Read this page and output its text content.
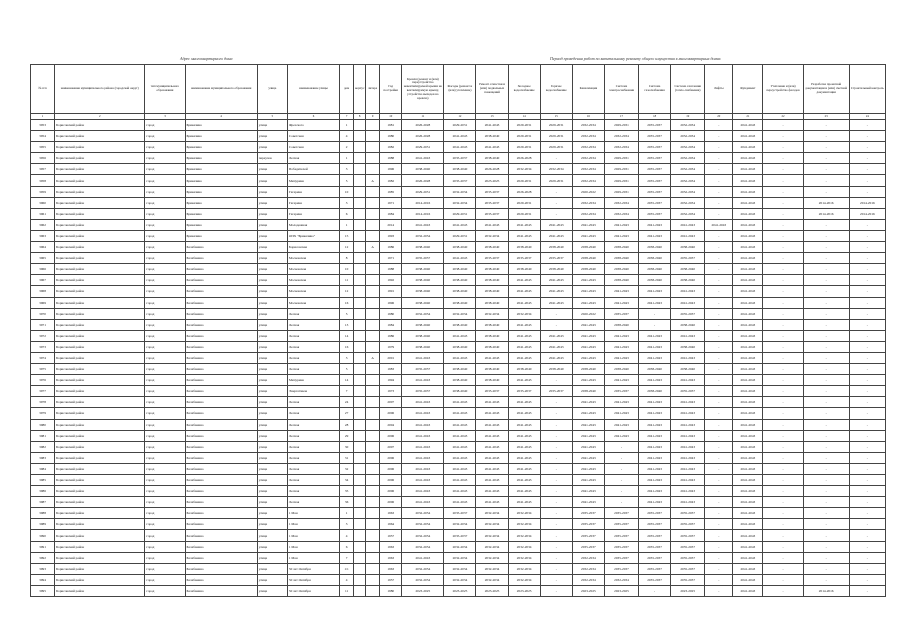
Адрес многоквартирного дома	Период проведения работ по капитальному ремонту общего имущества в многоквартирных домах
№ п/п	наименование муниципального района (городской округ)	тип муниципального образования	наименование муниципального образования	улица	наименование улицы	дом	корпус	литера	Год постройки	Кровля (ремонт и (или) переустройство невентилируемой крыши на вентилируемую крышу, устройство выходов на кровлю)	Фасады (ремонт и (или) утепление)	Ремонт отмостки и (или) подвальных помещений	Холодное водоснабжение	Горячее водоснабжение	Канализация	Система электроснабжения	Система газоснабжения	Система отопления (тепло-снабжения)	Лифты	Фундамент	Утепление и (или) переустройство фасадов	Разработка проектной документации и (или) сметной документации	Строительный контроль
1	2	3	4	5	6	7	8	9	10	11	12	13	14	15	16	17	18	19	20	21	22	23	24
3953	Борисовский район	город	Брикачино	улица	Фрезского	1			1981	2026-2028	2029-2031	2041-2043	2029-2031	2029-2031	2032-2034	2029-2031	2035-2037	2032-2034	-	2041-2043	-	-	-
3954	Борисовский район	город	Брикачино	улица	Советская	4			1980	2026-2028	2041-2043	2038-2040	2029-2031	2029-2031	2032-2034	2032-2034	2035-2037	2032-2034	-	2041-2043	-	-	-
3955	Борисовский район	город	Брикачино	улица	Советская	2			1982	2029-2031	2041-2043	2041-2043	2029-2031	2029-2031	2032-2034	2032-2034	2035-2037	2032-2034	-	2041-2043	-	-	-
3956	Борисовский район	город	Брикачино	переулок	Лесная	1			1988	2041-2043	2035-2037	2038-2040	2026-2028	-	2032-2034	2029-2031	2035-2037	2032-2034	-	2041-2043	-	-	-
3957	Борисовский район	город	Брикачино	улица	Победителей	3			1996	2038-2040	2038-2040	2026-2028	2032-2034	2032-2034	2032-2034	2029-2031	2035-2037	2032-2034	-	2041-2043	-	-	-
3958	Борисовский район	город	Брикачино	улица	Мичурина	5		А	1982	2026-2028	2035-2037	2023-2025	2029-2031	2029-2031	2032-2034	2029-2031	2035-2037	2032-2034	-	2041-2043	-	-	-
3959	Борисовский район	город	Брикачино	улица	Гагарина	10			1985	2029-2031	2032-2034	2035-2037	2026-2028	-	2020-2022	2029-2031	2035-2037	2032-2034	-	2041-2043	-	-	-
3960	Борисовский район	город	Брикачино	улица	Гагарина	3			1971	2014-2016	2032-2034	2035-2037	2029-2031	-	2032-2034	2032-2034	2035-2037	2032-2034	-	2041-2043	-	2014-2016	2014-2016
3961	Борисовский район	город	Брикачино	улица	Гагарина	6			1984	2014-2016	2029-2031	2035-2037	2029-2031	-	2032-2034	2032-2034	2035-2037	2032-2034	-	2041-2043	-	2014-2016	2014-2016
3962	Борисовский район	город	Брикачино	улица	Молодежная	1			2014	2041-2043	2041-2043	2041-2043	2041-2043	2041-2043	2041-2043	2041-2043	2041-2043	2041-2043	2041-2043	2041-2043	-	-	-
3963	Борисовский район	город	Брикачино	улица	ОПХ "Брикачино"	15			1993	2032-2034	2029-2031	2032-2034	2041-2043	2041-2043	2041-2043	2041-2043	2041-2043	2041-2043	-	2041-2043	-	-	-
3964	Борисовский район	город	Балабанино	улица	Борисовская	12		А	1986	2038-2040	2038-2040	2038-2040	2038-2040	2038-2040	2038-2040	2038-2040	2038-2040	2038-2040	-	2041-2043	-	-	-
3965	Борисовский район	город	Балабанино	улица	Московская	8			1971	2035-2037	2041-2043	2035-2037	2035-2037	2035-2037	2038-2040	2038-2040	2038-2040	2035-2037	-	2041-2043	-	-	-
3966	Борисовский район	город	Балабанино	улица	Московская	10			1988	2038-2040	2038-2040	2038-2040	2038-2040	2038-2040	2038-2040	2038-2040	2038-2040	2038-2040	-	2041-2043	-	-	-
3967	Борисовский район	город	Балабанино	улица	Московская	11			1992	2038-2040	2038-2040	2038-2040	2041-2043	2041-2043	2041-2043	2038-2040	2038-2040	2038-2040	-	2041-2043	-	-	-
3968	Борисовский район	город	Балабанино	улица	Московская	12			1991	2038-2040	2038-2040	2038-2040	2041-2043	2041-2043	2041-2043	2041-2043	2041-2043	2041-2043	-	2041-2043	-	-	-
3969	Борисовский район	город	Балабанино	улица	Московская	16			1996	2038-2040	2038-2040	2038-2040	2041-2043	2041-2043	2041-2043	2041-2043	2041-2043	2041-2043	-	2041-2043	-	-	-
3970	Борисовский район	город	Балабанино	улица	Лесная	5			1980	2032-2034	2032-2034	2032-2034	2032-2034	-	2020-2022	2035-2037	-	2035-2037	-	2041-2043	-	-	-
3971	Борисовский район	город	Балабанино	улица	Лесная	13			1984	2038-2040	2038-2040	2038-2040	2041-2043	-	2041-2043	2038-2040	-	2038-2040	-	2041-2043	-	-	-
3972	Борисовский район	город	Балабанино	улица	Лесная	14			1986	2038-2040	2041-2043	2038-2040	2041-2043	2041-2043	2041-2043	2041-2043	2041-2043	2041-2043	-	2041-2043	-	-	-
3973	Борисовский район	город	Балабанино	улица	Лесная	16			1979	2038-2040	2038-2040	2038-2040	2041-2043	2041-2043	2041-2043	2041-2043	2041-2043	2038-2040	-	2041-2043	-	-	-
3974	Борисовский район	город	Балабанино	улица	Лесная	3		А	2001	2041-2043	2041-2043	2041-2043	2041-2043	2041-2043	2041-2043	2041-2043	2041-2043	2041-2043	-	2041-2043	-	-	-
3975	Борисовский район	город	Балабанино	улица	Лесная	5			1983	2035-2037	2038-2040	2038-2040	2038-2040	2038-2040	2038-2040	2038-2040	2038-2040	2038-2040	-	2041-2043	-	-	-
3976	Борисовский район	город	Балабанино	улица	Мичурина	14			1994	2041-2043	2038-2040	2038-2040	2041-2043	-	2041-2043	2041-2043	2041-2043	2041-2043	-	2041-2043	-	-	-
3977	Борисовский район	город	Балабанино	улица	Энергетиков	7			1973	2035-2037	2038-2040	2035-2037	2035-2037	2035-2037	2038-2040	2035-2037	2038-2040	2035-2037	-	2041-2043	-	-	-
3978	Борисовский район	город	Балабанино	улица	Лесная	24			2007	2041-2043	2041-2043	2041-2043	2041-2043	-	2041-2043	2041-2043	2041-2043	2041-2043	-	2041-2043	-	-	-
3979	Борисовский район	город	Балабанино	улица	Лесная	27			2006	2041-2043	2041-2043	2041-2043	2041-2043	-	2041-2043	2041-2043	2041-2043	2041-2043	-	2041-2043	-	-	-
3980	Борисовский район	город	Балабанино	улица	Лесная	28			2004	2041-2043	2041-2043	2041-2043	2041-2043	-	2041-2043	2041-2043	2041-2043	2041-2043	-	2041-2043	-	-	-
3981	Борисовский район	город	Балабанино	улица	Лесная	29			2006	2041-2043	2041-2043	2041-2043	2041-2043	-	2041-2043	2041-2043	2041-2043	2041-2043	-	2041-2043	-	-	-
3982	Борисовский район	город	Балабанино	улица	Лесная	30			2007	2041-2043	2041-2043	2041-2043	2041-2043	-	2041-2043	-	2041-2043	2041-2043	-	2041-2043	-	-	-
3983	Борисовский район	город	Балабанино	улица	Лесная	31			2006	2041-2043	2041-2043	2041-2043	2041-2043	-	2041-2043	-	2041-2043	2041-2043	-	2041-2043	-	-	-
3984	Борисовский район	город	Балабанино	улица	Лесная	32			2006	2041-2043	2041-2043	2041-2043	2041-2043	-	2041-2043	-	2041-2043	2041-2043	-	2041-2043	-	-	-
3985	Борисовский район	город	Балабанино	улица	Лесная	34			2006	2041-2043	2041-2043	2041-2043	2041-2043	-	2041-2043	-	2041-2043	2041-2043	-	2041-2043	-	-	-
3986	Борисовский район	город	Балабанино	улица	Лесная	35			2006	2041-2043	2041-2043	2041-2043	2041-2043	-	2041-2043	-	2041-2043	2041-2043	-	2041-2043	-	-	-
3987	Борисовский район	город	Балабанино	улица	Лесная	36			2006	2041-2043	2041-2043	2041-2043	2041-2043	-	2041-2043	-	2041-2043	2041-2043	-	2041-2043	-	-	-
3988	Борисовский район	город	Балабанино	улица	1 Мая	1			1963	2032-2034	2035-2037	2032-2034	2032-2034	-	2035-2037	2035-2037	2035-2037	2035-2037	-	2041-2043	-	-	-
3989	Борисовский район	город	Балабанино	улица	1 Мая	3			1964	2032-2034	2032-2034	2032-2034	2032-2034	-	2035-2037	2035-2037	2035-2037	2035-2037	-	2041-2043	-	-	-
3990	Борисовский район	город	Балабанино	улица	1 Мая	4			1957	2032-2034	2035-2037	2032-2034	2032-2034	-	2035-2037	2035-2037	2035-2037	2035-2037	-	2041-2043	-	-	-
3991	Борисовский район	город	Балабанино	улица	1 Мая	6			1963	2032-2034	2032-2034	2032-2034	2032-2034	-	2035-2037	2035-2037	2035-2037	2035-2037	-	2041-2043	-	-	-
3992	Борисовский район	город	Балабанино	улица	1 Мая	7			1963	2041-2043	2032-2034	2032-2034	2032-2034	-	2032-2034	2035-2037	2035-2037	2035-2037	-	2041-2043	-	-	-
3993	Борисовский район	город	Балабанино	улица	50 лет Октября	1/1			1963	2032-2034	2032-2034	2032-2034	2032-2034	-	2032-2034	2035-2037	2035-2037	2035-2037	-	2041-2043	-	-	-
3994	Борисовский район	город	Балабанино	улица	50 лет Октября	4			1957	2032-2034	2032-2034	2032-2034	2032-2034	-	2032-2034	2032-2034	2035-2037	2035-2037	-	2041-2043	-	-	-
3995	Борисовский район	город	Балабанино	улица	50 лет Октября	11			1980	2023-2025	2023-2025	2023-2025	2023-2025	-	2023-2025	2023-2025	-	2023-2025	-	2041-2043	-	2014-2016	-
